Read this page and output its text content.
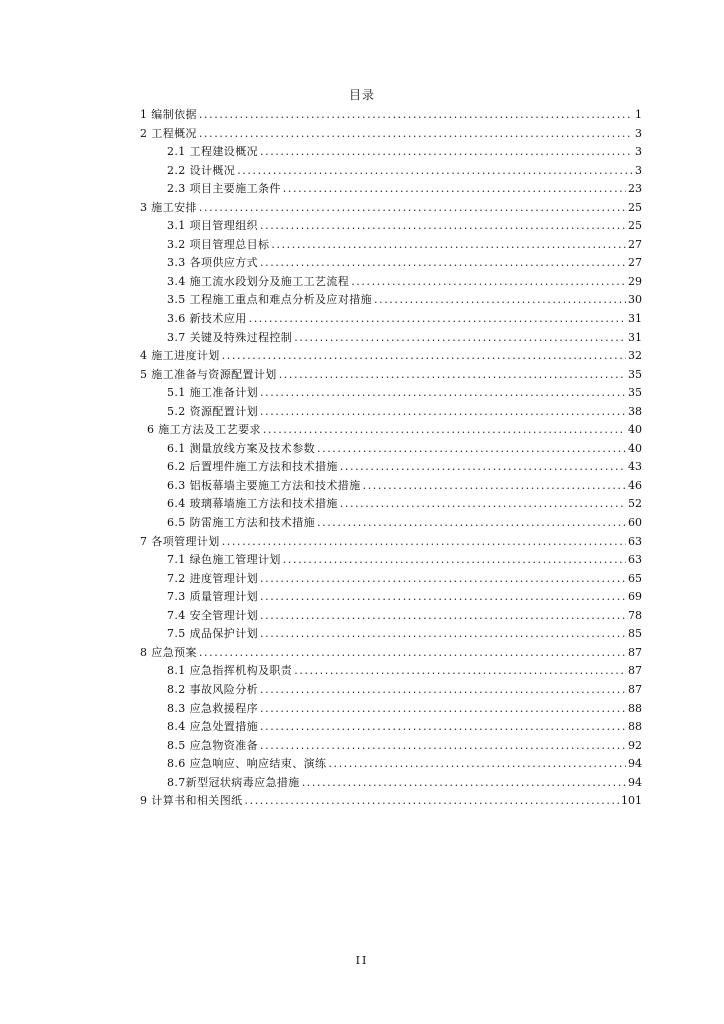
目录
1 编制依据 .....	1
2 工程概况 .....	3
2.1 工程建设概况 .....	3
2.2 设计概况 .....	3
2.3 项目主要施工条件 .....	23
3 施工安排 .....	25
3.1 项目管理组织 .....	25
3.2 项目管理总目标 .....	27
3.3 各项供应方式 .....	27
3.4 施工流水段划分及施工工艺流程 .....	29
3.5 工程施工重点和难点分析及应对措施 .....	30
3.6 新技术应用 .....	31
3.7 关键及特殊过程控制 .....	31
4 施工进度计划 .....	32
5 施工准备与资源配置计划 .....	35
5.1 施工准备计划 .....	35
5.2 资源配置计划 .....	38
6 施工方法及工艺要求 .....	40
6.1 测量放线方案及技术参数 .....	40
6.2 后置埋件施工方法和技术措施 .....	43
6.3 铝板幕墙主要施工方法和技术措施 .....	46
6.4 玻璃幕墙施工方法和技术措施 .....	52
6.5 防雷施工方法和技术措施 .....	60
7 各项管理计划 .....	63
7.1 绿色施工管理计划 .....	63
7.2 进度管理计划 .....	65
7.3 质量管理计划 .....	69
7.4 安全管理计划 .....	78
7.5 成品保护计划 .....	85
8 应急预案 .....	87
8.1 应急指挥机构及职责 .....	87
8.2 事故风险分析 .....	87
8.3 应急救援程序 .....	88
8.4 应急处置措施 .....	88
8.5 应急物资准备 .....	92
8.6 应急响应、响应结束、演练 .....	94
8.7新型冠状病毒应急措施 .....	94
9 计算书和相关图纸 .....	101
II
